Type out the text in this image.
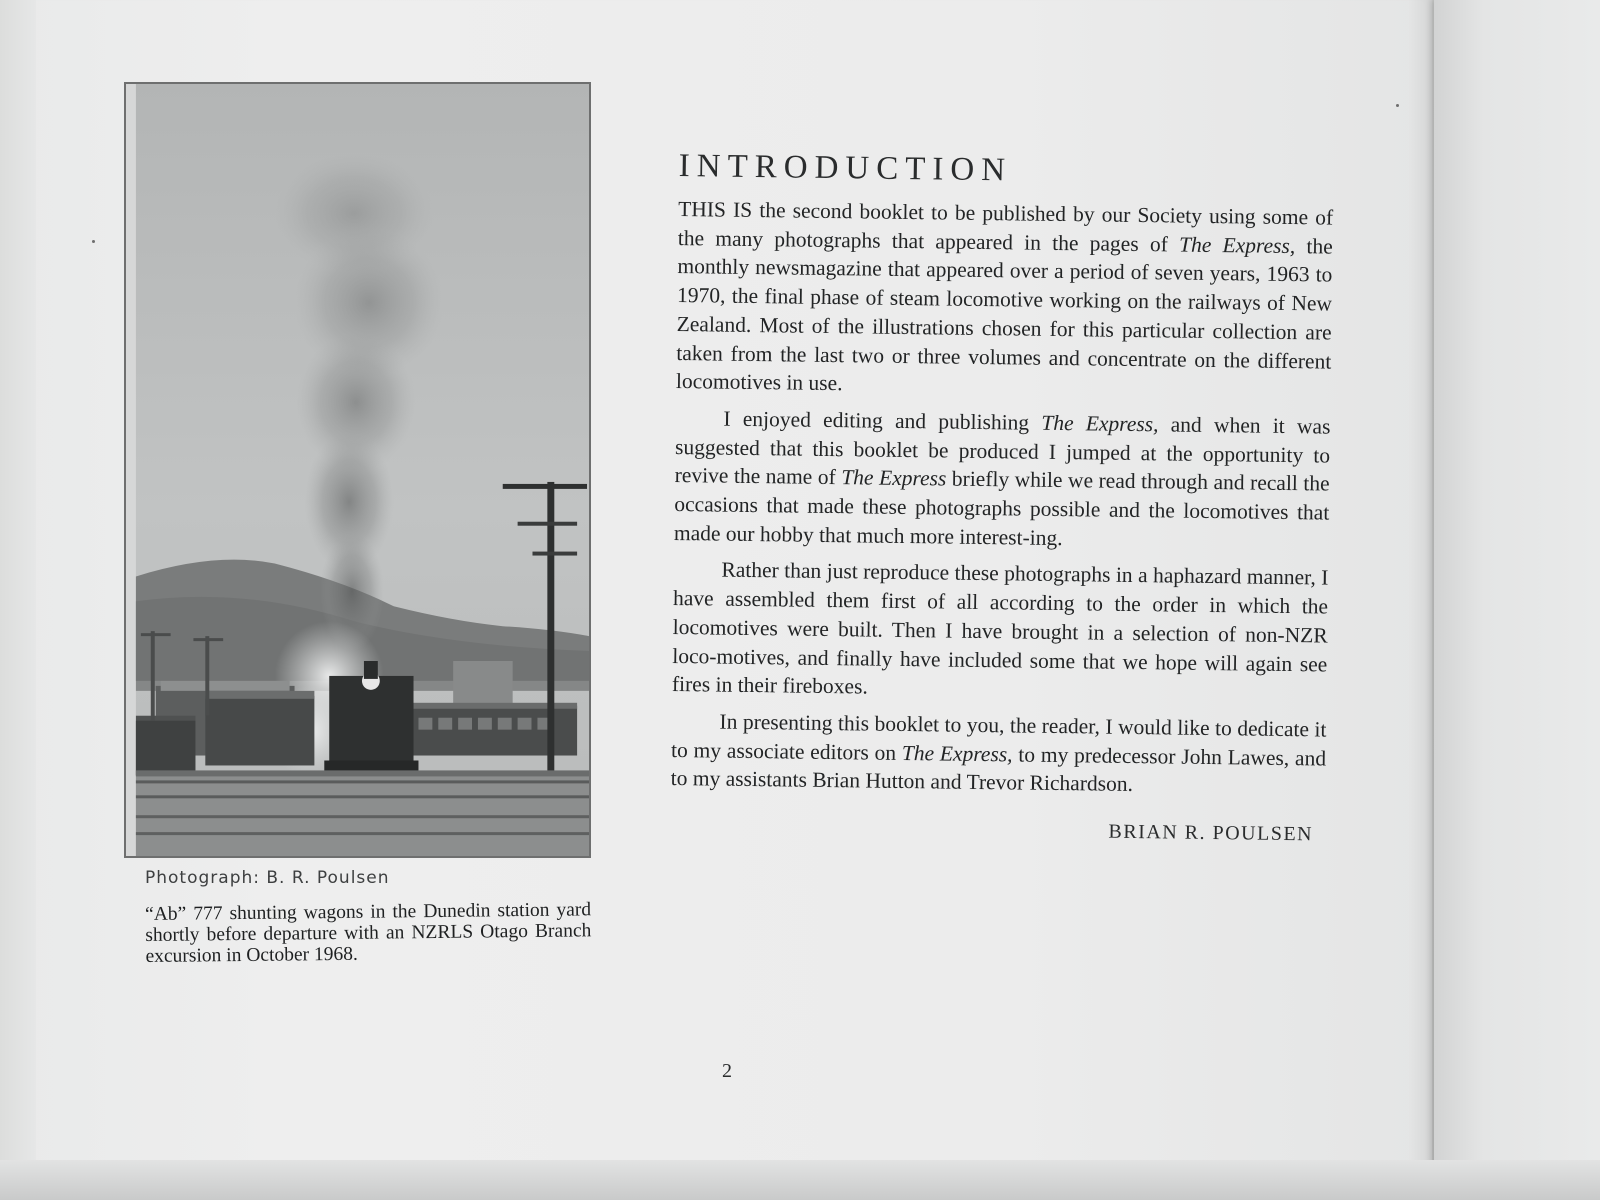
Photograph: B. R. Poulsen

“Ab” 777 shunting wagons in the Dunedin station yard shortly before departure with an NZRLS Otago Branch excursion in October 1968.

INTRODUCTION

THIS IS the second booklet to be published by our Society using some of the many photographs that appeared in the pages of The Express, the monthly newsmagazine that appeared over a period of seven years, 1963 to 1970, the final phase of steam locomotive working on the railways of New Zealand. Most of the illustrations chosen for this particular collection are taken from the last two or three volumes and concentrate on the different locomotives in use.

I enjoyed editing and publishing The Express, and when it was suggested that this booklet be produced I jumped at the opportunity to revive the name of The Express briefly while we read through and recall the occasions that made these photographs possible and the locomotives that made our hobby that much more interest-ing.

Rather than just reproduce these photographs in a haphazard manner, I have assembled them first of all according to the order in which the locomotives were built. Then I have brought in a selection of non-NZR loco-motives, and finally have included some that we hope will again see fires in their fireboxes.

In presenting this booklet to you, the reader, I would like to dedicate it to my associate editors on The Express, to my predecessor John Lawes, and to my assistants Brian Hutton and Trevor Richardson.

BRIAN R. POULSEN

2
